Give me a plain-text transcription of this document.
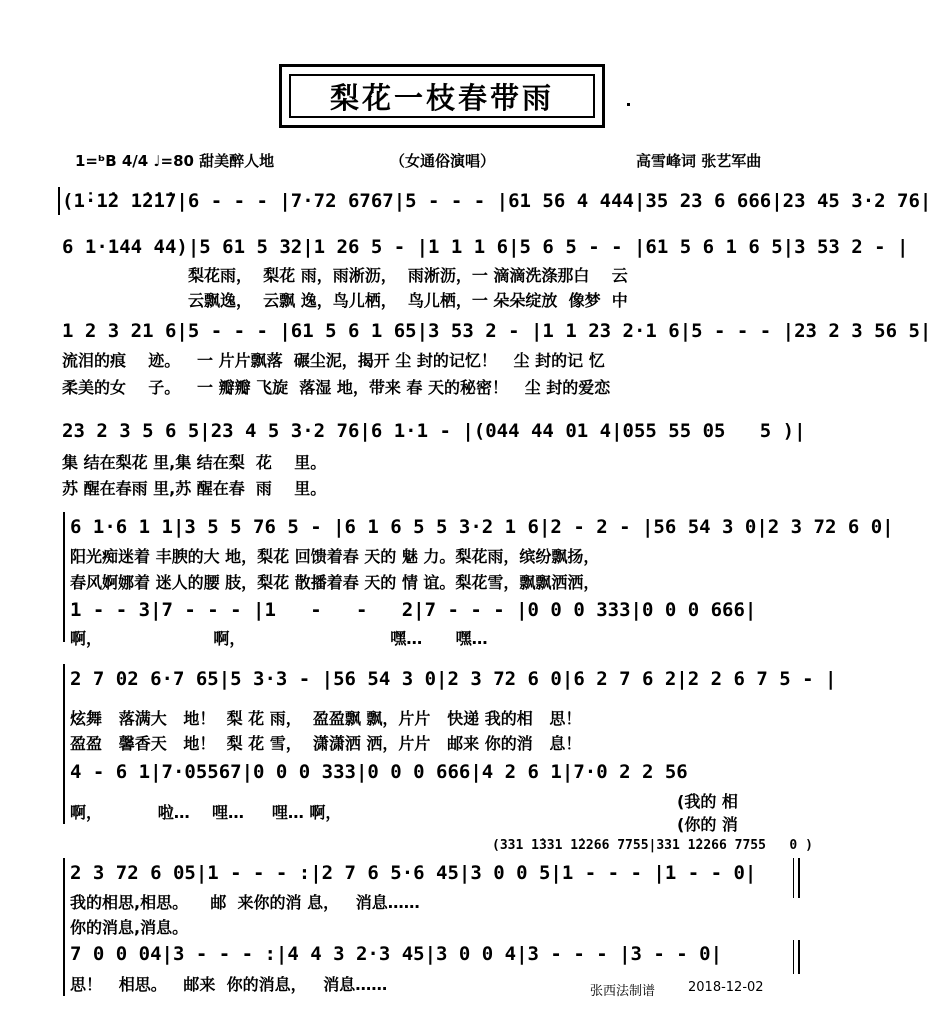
梨花一枝春带雨
1=ᵇB 4/4 ♩=80 甜美醉人地	（女通俗演唱）	高雪峰词 张艺军曲
(1̇·1̇2 1̇2̇1̇7|6 - - - |7·72 6767|5 - - - |61 56 4 444|35 23 6 666|23 45 3·2 76|
6 1·144 44)|5 61 5 32|1 26 5 - |1 1 1 6|5 6 5 - - |61 5 6 1 6 5|3 53 2 - |
梨花雨，  梨花 雨，雨淅沥，  雨淅沥，一 滴滴洗涤那白    云
云飘逸，  云飘 逸，鸟儿栖，  鸟儿栖，一 朵朵绽放  像梦  中
1 2 3 21 6|5 - - - |61 5 6 1 65|3 53 2 - |1 1 23 2·1 6|5 - - - |23 2 3 56 5|
流泪的痕    迹。   一 片片飘落  碾尘泥，揭开 尘 封的记忆！   尘 封的记 忆
柔美的女    子。   一 瓣瓣 飞旋  落湿 地，带来 春 天的秘密！   尘 封的爱恋
23 2 3 5 6 5|23 4 5 3·2 76|6 1·1 - |(044 44 01 4|055 55 05   5 )|
集 结在梨花 里,集 结在梨  花    里。
苏 醒在春雨 里,苏 醒在春  雨    里。
6 1·6 1 1|3 5 5 76 5 - |6 1 6 5 5 3·2 1 6|2 - 2 - |56 54 3 0|2 3 72 6 0|
阳光痴迷着 丰腴的大 地，梨花 回馈着春 天的 魅 力。梨花雨，缤纷飘扬，
春风婀娜着 迷人的腰 肢，梨花 散播着春 天的 情 谊。梨花雪，飘飘洒洒，
1 - - 3|7 - - - |1   -   -   2|7 - - - |0 0 0 333|0 0 0 666|
啊，                    啊，                          嘿…      嘿…
2 7 02 6·7 65|5 3·3 - |56 54 3 0|2 3 72 6 0|6 2 7 6 2|2 2 6 7 5 - |
炫舞   落满大   地！  梨 花 雨，  盈盈飘 飘，片片   快递 我的相   思！
盈盈   馨香天   地！  梨 花 雪，  潇潇洒 洒，片片   邮来 你的消   息！
4 - 6 1|7·05567|0 0 0 333|0 0 0 666|4 2 6 1|7·0 2 2 56
啊，          啦…    哩…     哩… 啊，
(我的 相
(你的 消
(331 1̇331 1̇2266 7755|331 1̇2266 7755   0 )
2 3 72 6 05|1 - - - :|2 7 6 5·6 45|3 0 0 5|1 - - - |1 - - 0|
我的相思,相思。    邮  来你的消 息，   消息……
你的消息,消息。
7 0 0 04|3 - - - :|4 4 3 2·3 45|3 0 0 4|3 - - - |3 - - 0|
思！   相思。   邮来  你的消息，   消息……	张西法制谱	2018-12-02
